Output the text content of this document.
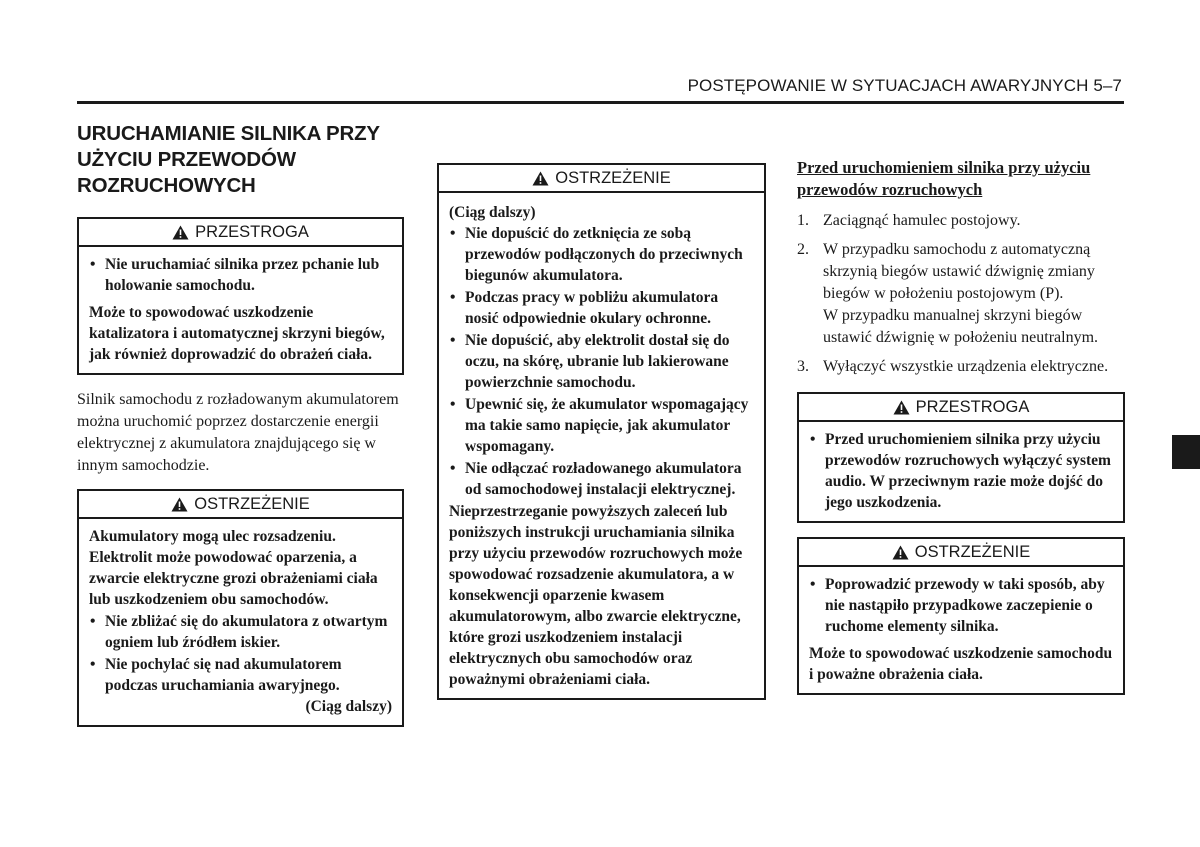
POSTĘPOWANIE W SYTUACJACH AWARYJNYCH 5–7
URUCHAMIANIE SILNIKA PRZY UŻYCIU PRZEWODÓW ROZRUCHOWYCH
PRZESTROGA
• Nie uruchamiać silnika przez pchanie lub holowanie samochodu.

Może to spowodować uszkodzenie katalizatora i automatycznej skrzyni biegów, jak również doprowadzić do obrażeń ciała.

Silnik samochodu z rozładowanym akumulatorem można uruchomić poprzez dostarczenie energii elektrycznej z akumulatora znajdującego się w innym samochodzie.

OSTRZEŻENIE

Akumulatory mogą ulec rozsadzeniu. Elektrolit może powodować oparzenia, a zwarcie elektryczne grozi obrażeniami ciała lub uszkodzeniem obu samochodów.

• Nie zbliżać się do akumulatora z otwartym ogniem lub źródłem iskier.
• Nie pochylać się nad akumulatorem podczas uruchamiania awaryjnego.
(Ciąg dalszy)
OSTRZEŻENIE
(Ciąg dalszy)
• Nie dopuścić do zetknięcia ze sobą przewodów podłączonych do przeciwnych biegunów akumulatora.
• Podczas pracy w pobliżu akumulatora nosić odpowiednie okulary ochronne.
• Nie dopuścić, aby elektrolit dostał się do oczu, na skórę, ubranie lub lakierowane powierzchnie samochodu.
• Upewnić się, że akumulator wspomagający ma takie samo napięcie, jak akumulator wspomagany.
• Nie odłączać rozładowanego akumulatora od samochodowej instalacji elektrycznej.

Nieprzestrzeganie powyższych zaleceń lub poniższych instrukcji uruchamiania silnika przy użyciu przewodów rozruchowych może spowodować rozsadzenie akumulatora, a w konsekwencji oparzenie kwasem akumulatorowym, albo zwarcie elektryczne, które grozi uszkodzeniem instalacji elektrycznych obu samochodów oraz poważnymi obrażeniami ciała.

Przed uruchomieniem silnika przy użyciu przewodów rozruchowych
1. Zaciągnąć hamulec postojowy.
2. W przypadku samochodu z automatyczną skrzynią biegów ustawić dźwignię zmiany biegów w położeniu postojowym (P).
W przypadku manualnej skrzyni biegów ustawić dźwignię w położeniu neutralnym.
3. Wyłączyć wszystkie urządzenia elektryczne.
PRZESTROGA
• Przed uruchomieniem silnika przy użyciu przewodów rozruchowych wyłączyć system audio. W przeciwnym razie może dojść do jego uszkodzenia.
OSTRZEŻENIE
• Poprowadzić przewody w taki sposób, aby nie nastąpiło przypadkowe zaczepienie o ruchome elementy silnika.

Może to spowodować uszkodzenie samochodu i poważne obrażenia ciała.
